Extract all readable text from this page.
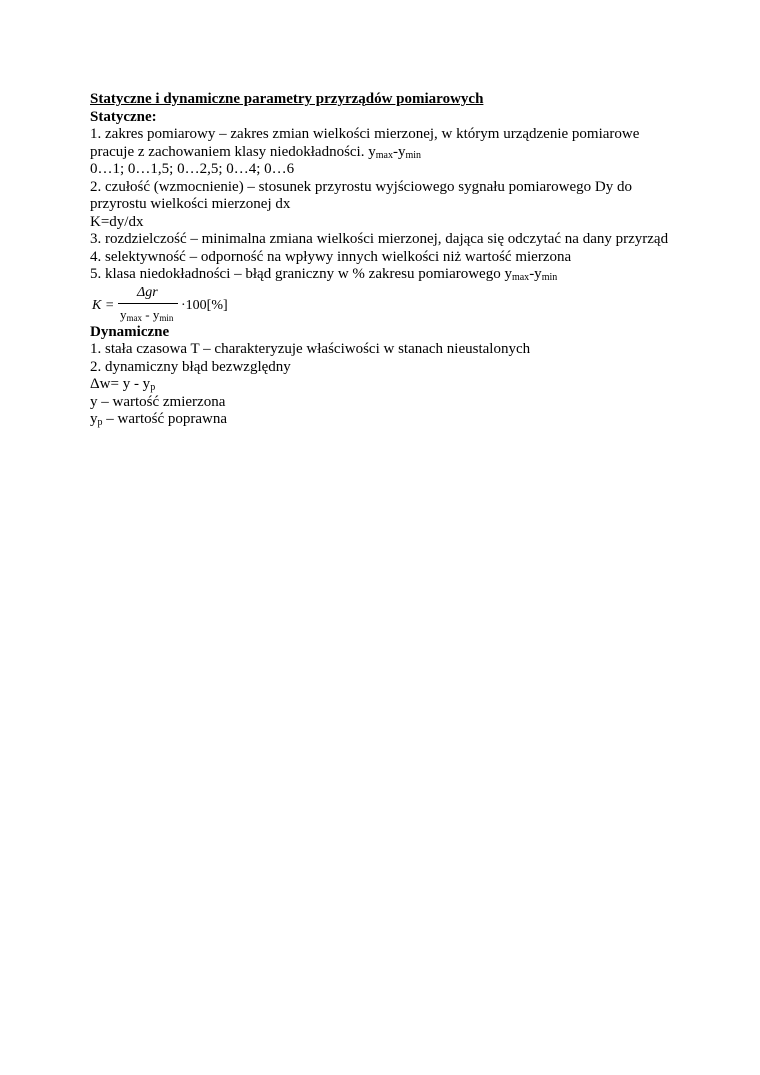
Statyczne i dynamiczne parametry przyrządów pomiarowych
Statyczne:
1. zakres pomiarowy – zakres zmian wielkości mierzonej, w którym urządzenie pomiarowe pracuje z zachowaniem klasy niedokładności. $y_{max}-y_{min}$
0…1; 0…1,5; 0…2,5; 0…4; 0…6
2. czułość (wzmocnienie) – stosunek przyrostu wyjściowego sygnału pomiarowego Dy do przyrostu wielkości mierzonej dx
K=dy/dx
3. rozdzielczość – minimalna zmiana wielkości mierzonej, dająca się odczytać na dany przyrząd
4. selektywność – odporność na wpływy innych wielkości niż wartość mierzona
5. klasa niedokładności – błąd graniczny w % zakresu pomiarowego $y_{max}-y_{min}$
K =
Δgr
$y_{max} - y_{min}$
·100[%]
Dynamiczne
1. stała czasowa T – charakteryzuje właściwości w stanach nieustalonych
2. dynamiczny błąd bezwzględny
$\Delta w= y - y_p$
y – wartość zmierzona
$y_p$ – wartość poprawna
